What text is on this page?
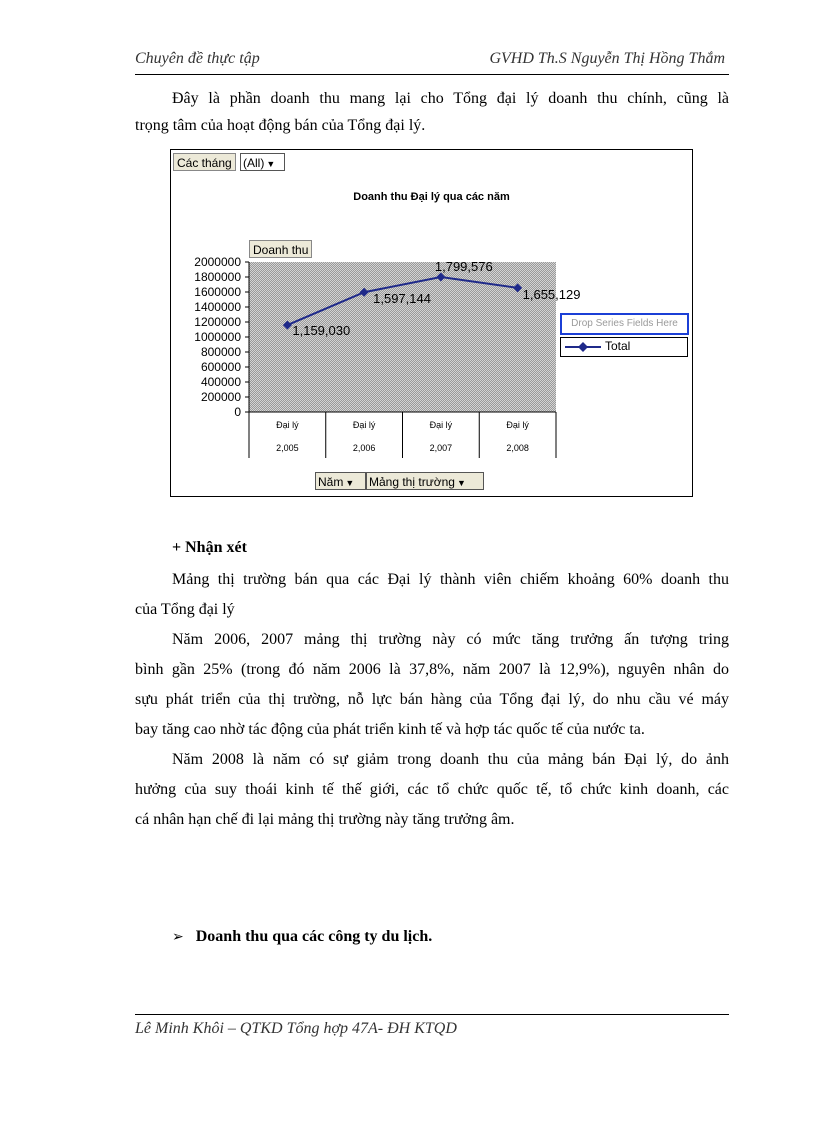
Chuyên đề thực tập	GVHD Th.S Nguyễn Thị Hồng Thắm

Đây là phần doanh thu mang lại cho Tổng đại lý doanh thu chính, cũng là

trọng tâm của hoạt động bán của Tổng đại lý.

Các tháng (All) ▼
Doanh thu Đại lý qua các năm
Doanh thu
0
200000
400000
600000
800000
1000000
1200000
1400000
1600000
1800000
2000000
Đại lý
2,005
Đại lý
2,006
Đại lý
2,007
Đại lý
2,008
1,159,030
1,597,144
1,799,576
1,655,129
Drop Series Fields Here
Total
Năm ▼	Mảng thị trường ▼
+ Nhận xét

Mảng thị trường bán qua các Đại lý thành viên chiếm khoảng 60% doanh thu

của Tổng đại lý

Năm 2006, 2007 mảng thị trường này có mức tăng trưởng ấn tượng tring

bình gần 25% (trong đó năm 2006 là 37,8%, năm 2007 là 12,9%), nguyên nhân do

sựu phát triển của thị trường, nỗ lực bán hàng của Tổng đại lý, do nhu cầu vé máy

bay tăng cao nhờ tác động của phát triển kinh tế và hợp tác quốc tế của nước ta.

Năm 2008 là năm có sự giảm trong doanh thu của mảng bán Đại lý, do ảnh

hưởng của suy thoái kinh tế thế giới, các tổ chức quốc tế, tổ chức kinh doanh, các

cá nhân hạn chế đi lại mảng thị trường này tăng trưởng âm.

➢ Doanh thu qua các công ty du lịch.
Lê Minh Khôi – QTKD Tổng hợp 47A- ĐH KTQD
